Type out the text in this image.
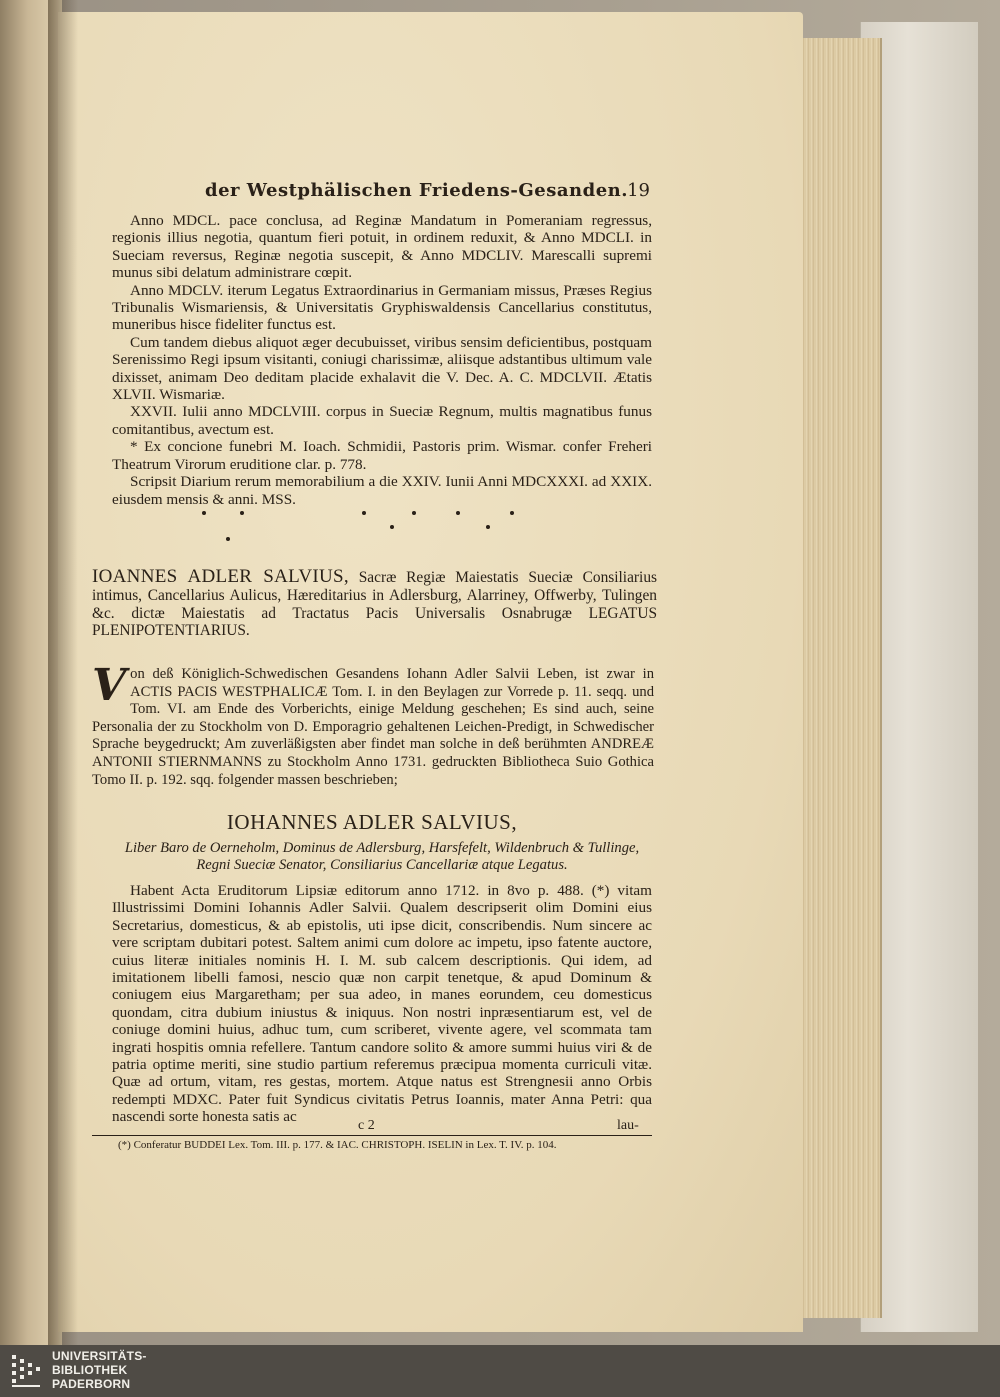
der Westphälischen Friedens-Gesanden. 19

Anno MDCL. pace conclusa, ad Reginæ Mandatum in Pomeraniam regressus, regionis illius negotia, quantum fieri potuit, in ordinem reduxit, & Anno MDCLI. in Sueciam reversus, Reginæ negotia suscepit, & Anno MDCLIV. Marescalli supremi munus sibi delatum administrare cœpit.

Anno MDCLV. iterum Legatus Extraordinarius in Germaniam missus, Præses Regius Tribunalis Wismariensis, & Universitatis Gryphiswaldensis Cancellarius constitutus, muneribus hisce fideliter functus est.

Cum tandem diebus aliquot æger decubuisset, viribus sensim deficientibus, postquam Serenissimo Regi ipsum visitanti, coniugi charissimæ, aliisque adstantibus ultimum vale dixisset, animam Deo deditam placide exhalavit die V. Dec. A. C. MDCLVII. Ætatis XLVII. Wismariæ.

XXVII. Iulii anno MDCLVIII. corpus in Sueciæ Regnum, multis magnatibus funus comitantibus, avectum est.

* Ex concione funebri M. Ioach. Schmidii, Pastoris prim. Wismar. confer Freheri Theatrum Virorum eruditione clar. p. 778.

Scripsit Diarium rerum memorabilium a die XXIV. Iunii Anni MDCXXXI. ad XXIX. eiusdem mensis & anni. MSS.

IOANNES ADLER SALVIUS, Sacræ Regiæ Maiestatis Sueciæ Consiliarius intimus, Cancellarius Aulicus, Hæreditarius in Adlersburg, Alarriney, Offwerby, Tulingen &c. dictæ Maiestatis ad Tractatus Pacis Universalis Osnabrugæ LEGATUS PLENIPOTENTIARIUS.
V on deß Königlich-Schwedischen Gesandens Iohann Adler Salvii Leben, ist zwar in ACTIS PACIS WESTPHALICÆ Tom. I. in den Beylagen zur Vorrede p. 11. seqq. und Tom. VI. am Ende des Vorberichts, einige Meldung geschehen; Es sind auch, seine Personalia der zu Stockholm von D. Emporagrio gehaltenen Leichen-Predigt, in Schwedischer Sprache beygedruckt; Am zuverläßigsten aber findet man solche in deß berühmten ANDREÆ ANTONII STIERNMANNS zu Stockholm Anno 1731. gedruckten Bibliotheca Suio Gothica Tomo II. p. 192. sqq. folgender massen beschrieben;
IOHANNES ADLER SALVIUS,
Liber Baro de Oerneholm, Dominus de Adlersburg, Harsfefelt, Wildenbruch & Tullinge, Regni Sueciæ Senator, Consiliarius Cancellariæ atque Legatus.

Habent Acta Eruditorum Lipsiæ editorum anno 1712. in 8vo p. 488. (*) vitam Illustrissimi Domini Iohannis Adler Salvii. Qualem descripserit olim Domini eius Secretarius, domesticus, & ab epistolis, uti ipse dicit, conscribendis. Num sincere ac vere scriptam dubitari potest. Saltem animi cum dolore ac impetu, ipso fatente auctore, cuius literæ initiales nominis H. I. M. sub calcem descriptionis. Qui idem, ad imitationem libelli famosi, nescio quæ non carpit tenetque, & apud Dominum & coniugem eius Margaretham; per sua adeo, in manes eorundem, ceu domesticus quondam, citra dubium iniustus & iniquus. Non nostri inpræsentiarum est, vel de coniuge domini huius, adhuc tum, cum scriberet, vivente agere, vel scommata tam ingrati hospitis omnia refellere. Tantum candore solito & amore summi huius viri & de patria optime meriti, sine studio partium referemus præcipua momenta curriculi vitæ. Quæ ad ortum, vitam, res gestas, mortem. Atque natus est Strengnesii anno Orbis redempti MDXC. Pater fuit Syndicus civitatis Petrus Ioannis, mater Anna Petri: qua nascendi sorte honesta satis ac

c 2	lau-
(*) Conferatur BUDDEI Lex. Tom. III. p. 177. & IAC. CHRISTOPH. ISELIN in Lex. T. IV. p. 104.
UNIVERSITÄTS-
BIBLIOTHEK
PADERBORN
